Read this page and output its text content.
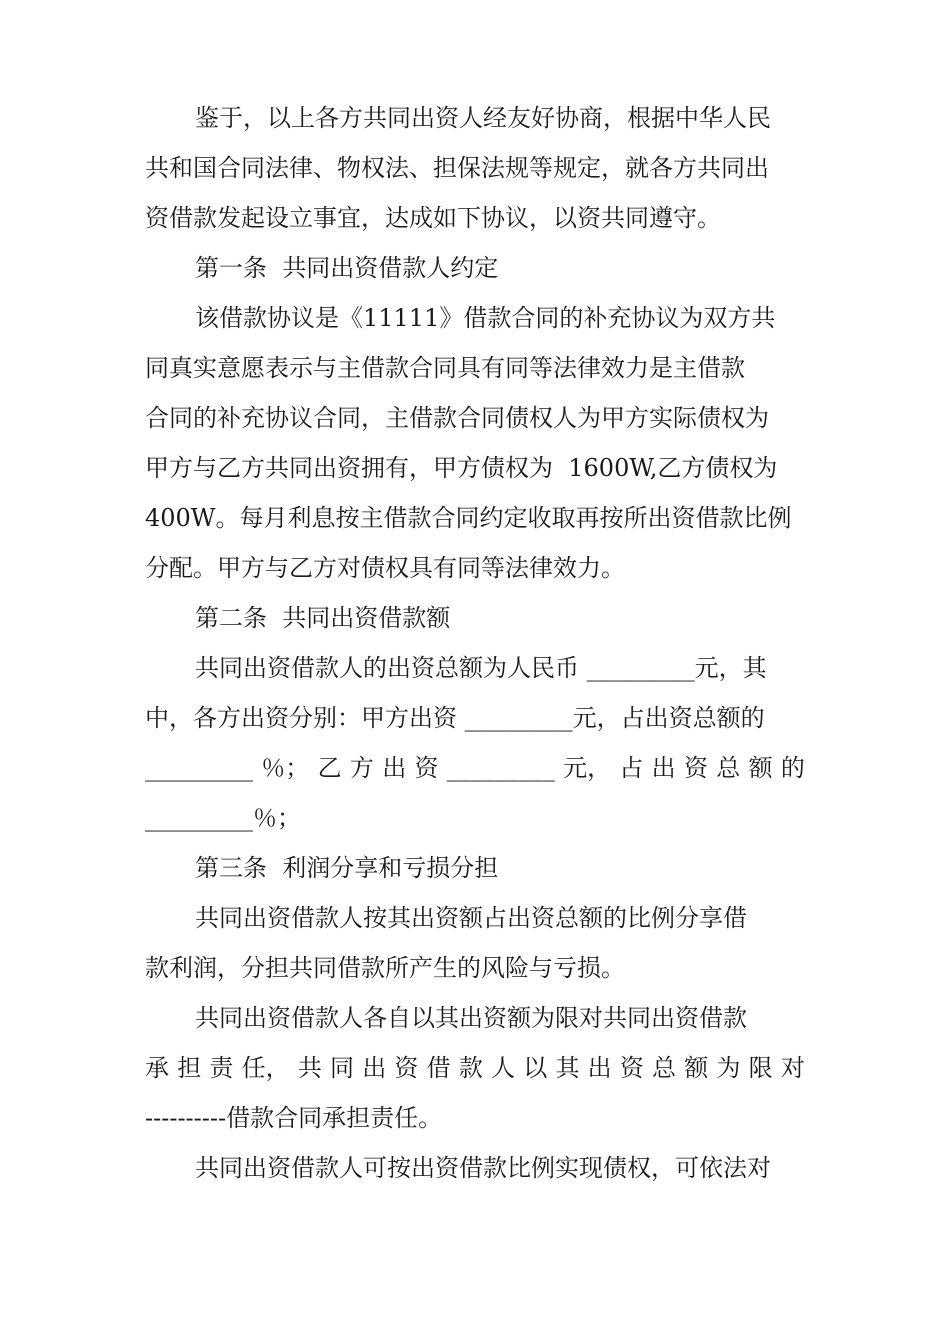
鉴于，以上各方共同出资人经友好协商，根据中华人民
共和国合同法律、物权法、担保法规等规定，就各方共同出
资借款发起设立事宜，达成如下协议，以资共同遵守。
第一条  共同出资借款人约定
该借款协议是《11111》借款合同的补充协议为双方共
同真实意愿表示与主借款合同具有同等法律效力是主借款
合同的补充协议合同，主借款合同债权人为甲方实际债权为
甲方与乙方共同出资拥有，甲方债权为  1600W,乙方债权为
400W。每月利息按主借款合同约定收取再按所出资借款比例
分配。甲方与乙方对债权具有同等法律效力。
第二条  共同出资借款额
共同出资借款人的出资总额为人民币 _________元，其
中，各方出资分别：甲方出资 _________元，占出资总额的
_________ ％； 乙 方 出 资 _________ 元， 占 出 资 总 额 的
_________％；
第三条  利润分享和亏损分担
共同出资借款人按其出资额占出资总额的比例分享借
款利润，分担共同借款所产生的风险与亏损。
共同出资借款人各自以其出资额为限对共同出资借款
承 担 责 任， 共 同 出 资 借 款 人 以 其 出 资 总 额 为 限 对
----------借款合同承担责任。
共同出资借款人可按出资借款比例实现债权，可依法对
